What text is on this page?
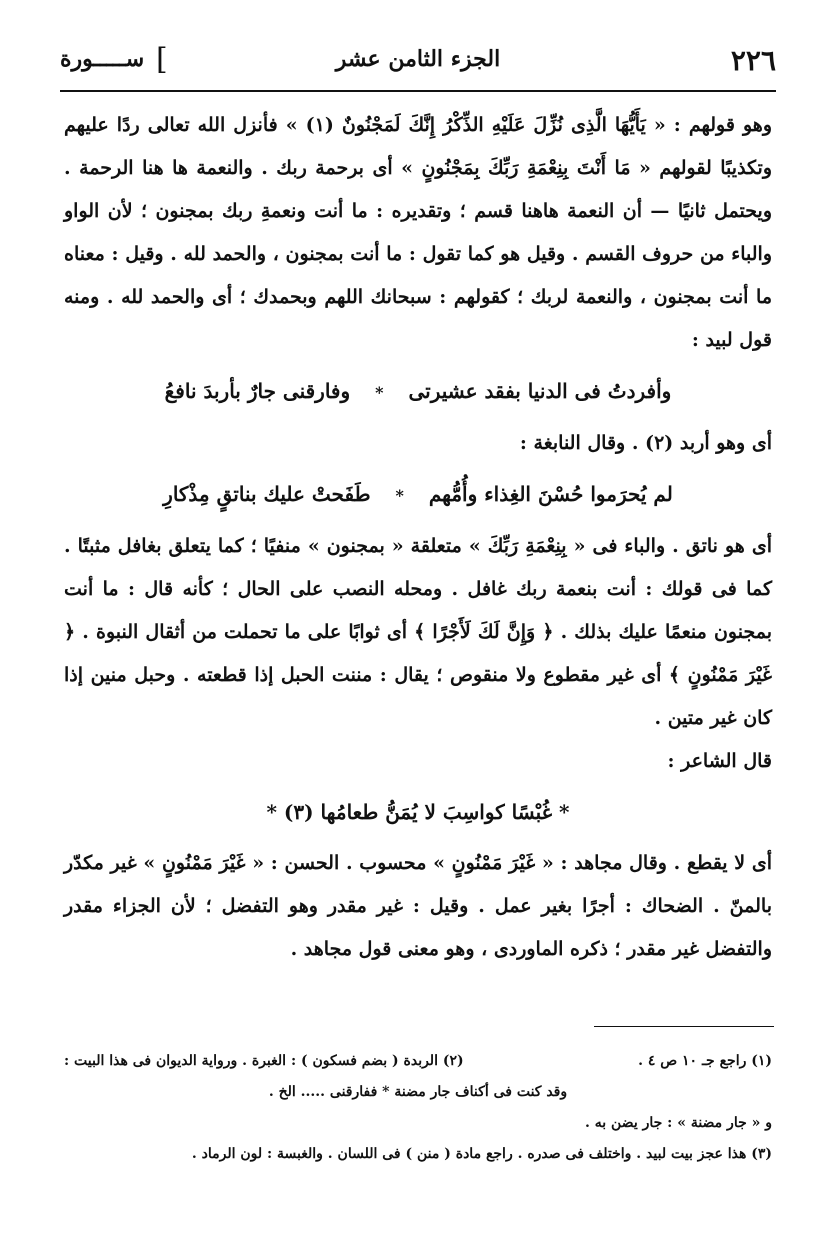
٢٢٦
الجزء الثامن عشر
[
ســـــورة

وهو قولهم : « يَأَيُّهَا الَّذِى نُزِّلَ عَلَيْهِ الذِّكْرُ إِنَّكَ لَمَجْنُونٌ (١) » فأنزل الله تعالى ردًا عليهم وتكذيبًا لقولهم « مَا أَنْتَ بِنِعْمَةِ رَبِّكَ بِمَجْنُونٍ » أى برحمة ربك . والنعمة ها هنا الرحمة . ويحتمل ثانيًا — أن النعمة هاهنا قسم ؛ وتقديره : ما أنت ونعمةِ ربك بمجنون ؛ لأن الواو والباء من حروف القسم . وقيل هو كما تقول : ما أنت بمجنون ، والحمد لله . وقيل : معناه ما أنت بمجنون ، والنعمة لربك ؛ كقولهم : سبحانك اللهم وبحمدك ؛ أى والحمد لله . ومنه قول لبيد :

وأفردتُ فى الدنيا بفقد عشيرتى * وفارقنى جارٌ بأربدَ نافعُ

أى وهو أربد (٢) . وقال النابغة :

لم يُحرَموا حُسْنَ الغِذاء وأُمُّهم * طَفَحتْ عليك بناتقٍ مِذْكارِ

أى هو ناتق . والباء فى « بِنِعْمَةِ رَبِّكَ » متعلقة « بمجنون » منفيًا ؛ كما يتعلق بغافل مثبتًا . كما فى قولك : أنت بنعمة ربك غافل . ومحله النصب على الحال ؛ كأنه قال : ما أنت بمجنون منعمًا عليك بذلك . ﴿ وَإِنَّ لَكَ لَأَجْرًا ﴾ أى ثوابًا على ما تحملت من أثقال النبوة . ﴿ غَيْرَ مَمْنُونٍ ﴾ أى غير مقطوع ولا منقوص ؛ يقال : مننت الحبل إذا قطعته . وحبل منين إذا كان غير متين .

قال الشاعر :

* غُبْسًا كواسِبَ لا يُمَنُّ طعامُها (٣) *

أى لا يقطع . وقال مجاهد : « غَيْرَ مَمْنُونٍ » محسوب . الحسن : « غَيْرَ مَمْنُونٍ » غير مكدّر بالمنّ . الضحاك : أجرًا بغير عمل . وقيل : غير مقدر وهو التفضل ؛ لأن الجزاء مقدر والتفضل غير مقدر ؛ ذكره الماوردى ، وهو معنى قول مجاهد .

(١) راجع جـ ١٠ ص ٤ .
(٢) الربدة ( بضم فسكون ) : الغبرة . ورواية الديوان فى هذا البيت :

وقد كنت فى أكناف جار مضنة * ففارقنى ..... الخ .

و « جار مضنة » : جار يضن به .

(٣) هذا عجز بيت لبيد . واختلف فى صدره . راجع مادة ( منن ) فى اللسان . والغبسة : لون الرماد .
